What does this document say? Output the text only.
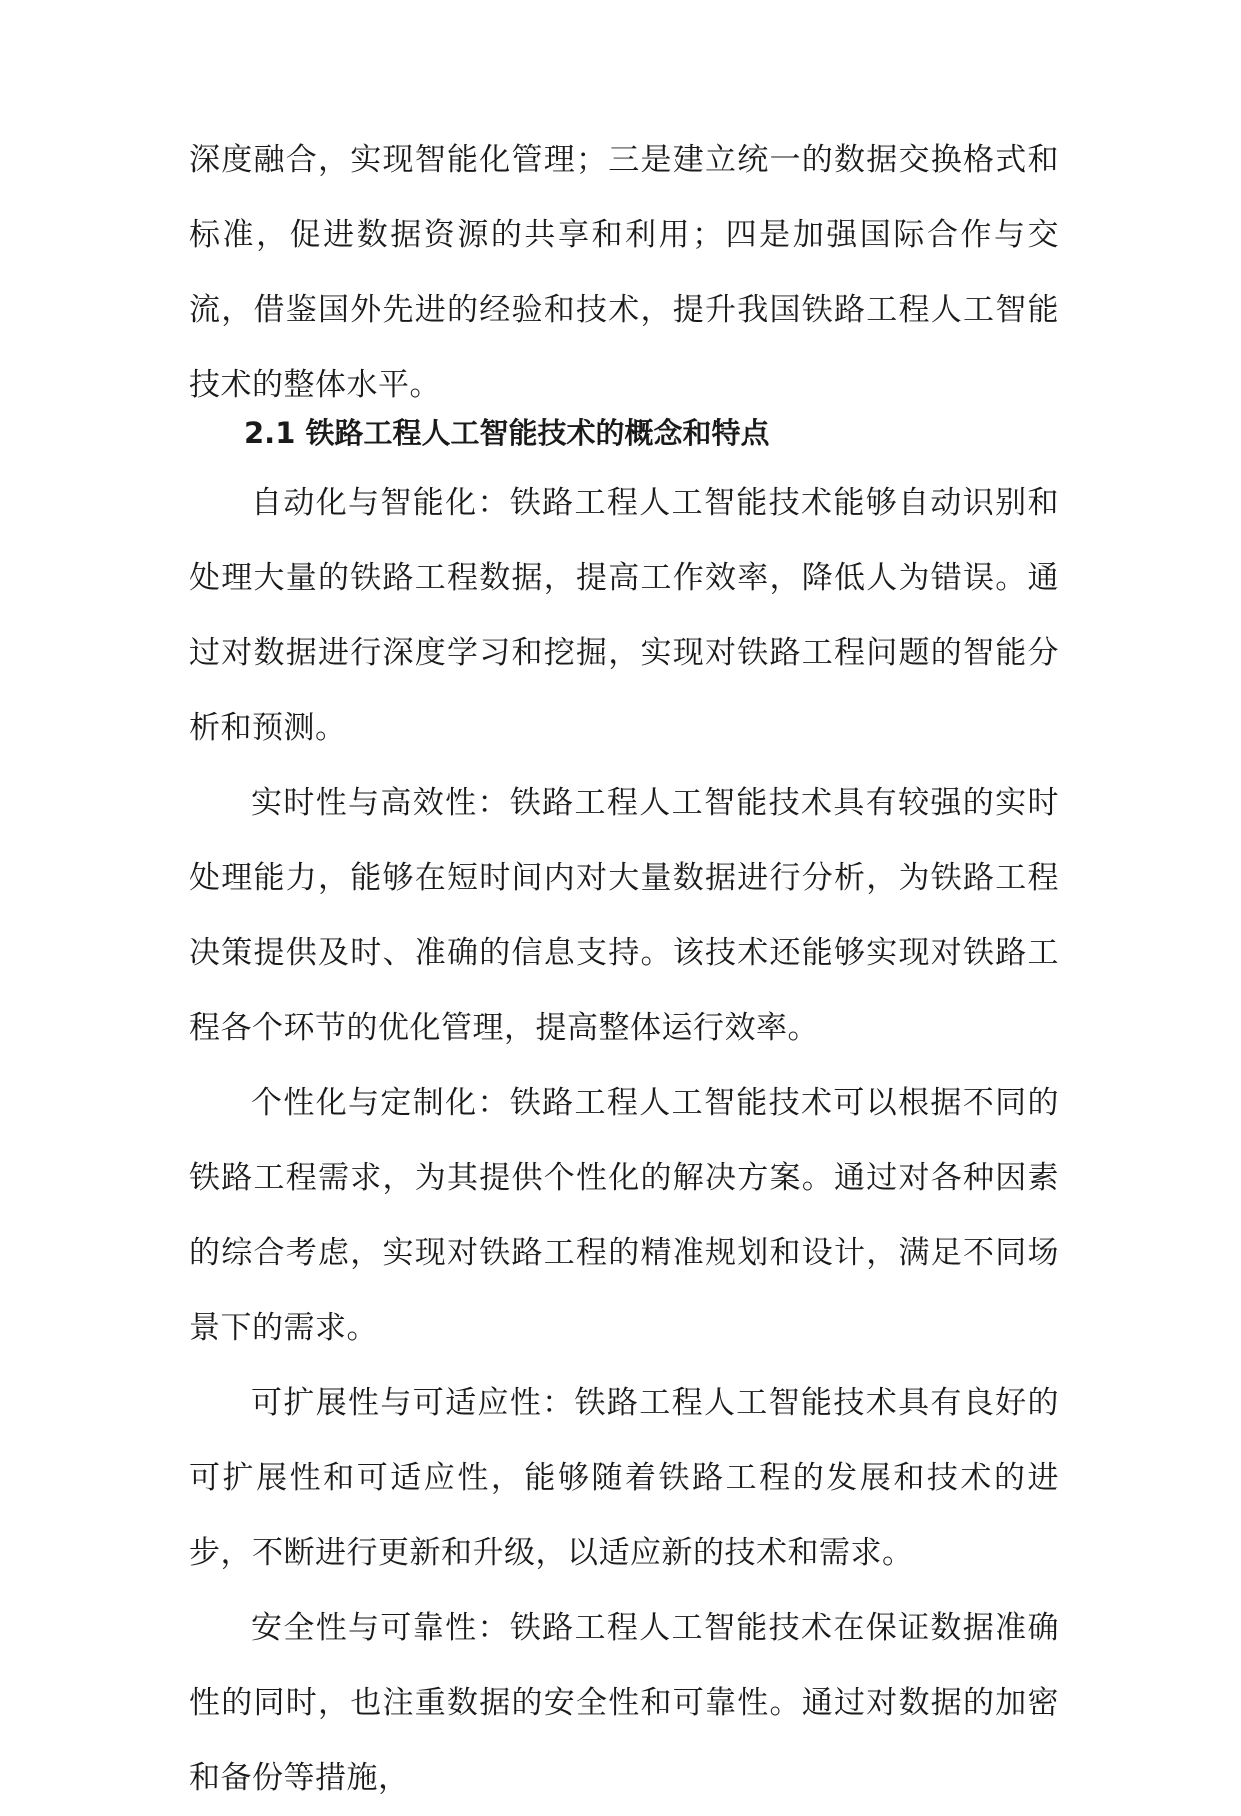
深度融合，实现智能化管理；三是建立统一的数据交换格式和标准，促进数据资源的共享和利用；四是加强国际合作与交流，借鉴国外先进的经验和技术，提升我国铁路工程人工智能技术的整体水平。

2.1 铁路工程人工智能技术的概念和特点

自动化与智能化：铁路工程人工智能技术能够自动识别和处理大量的铁路工程数据，提高工作效率，降低人为错误。通过对数据进行深度学习和挖掘，实现对铁路工程问题的智能分析和预测。

实时性与高效性：铁路工程人工智能技术具有较强的实时处理能力，能够在短时间内对大量数据进行分析，为铁路工程决策提供及时、准确的信息支持。该技术还能够实现对铁路工程各个环节的优化管理，提高整体运行效率。

个性化与定制化：铁路工程人工智能技术可以根据不同的铁路工程需求，为其提供个性化的解决方案。通过对各种因素的综合考虑，实现对铁路工程的精准规划和设计，满足不同场景下的需求。

可扩展性与可适应性：铁路工程人工智能技术具有良好的可扩展性和可适应性，能够随着铁路工程的发展和技术的进步，不断进行更新和升级，以适应新的技术和需求。

安全性与可靠性：铁路工程人工智能技术在保证数据准确性的同时，也注重数据的安全性和可靠性。通过对数据的加密和备份等措施，
